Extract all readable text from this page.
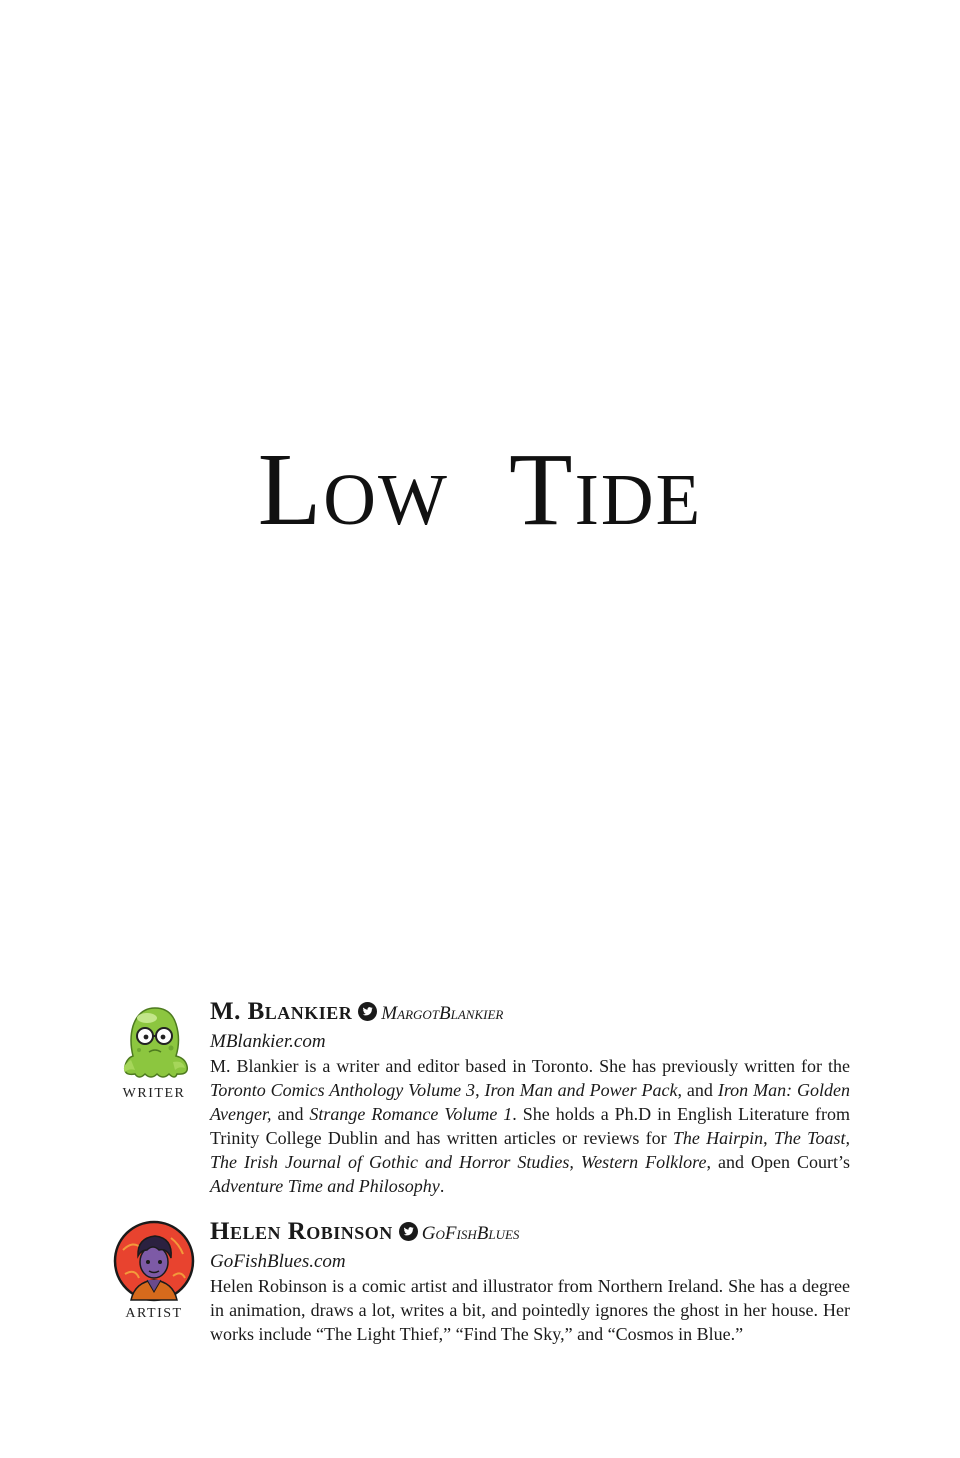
Low Tide
WRITER
M. Blankier MargotBlankier
MBlankier.com

M. Blankier is a writer and editor based in Toronto. She has previously written for the Toronto Comics Anthology Volume 3, Iron Man and Power Pack, and Iron Man: Golden Avenger, and Strange Romance Volume 1. She holds a Ph.D in English Literature from Trinity College Dublin and has written articles or reviews for The Hairpin, The Toast, The Irish Journal of Gothic and Horror Studies, Western Folklore, and Open Court’s Adventure Time and Philosophy.

ARTIST
Helen Robinson GoFishBlues
GoFishBlues.com

Helen Robinson is a comic artist and illustrator from Northern Ireland. She has a degree in animation, draws a lot, writes a bit, and pointedly ignores the ghost in her house. Her works include “The Light Thief,” “Find The Sky,” and “Cosmos in Blue.”
